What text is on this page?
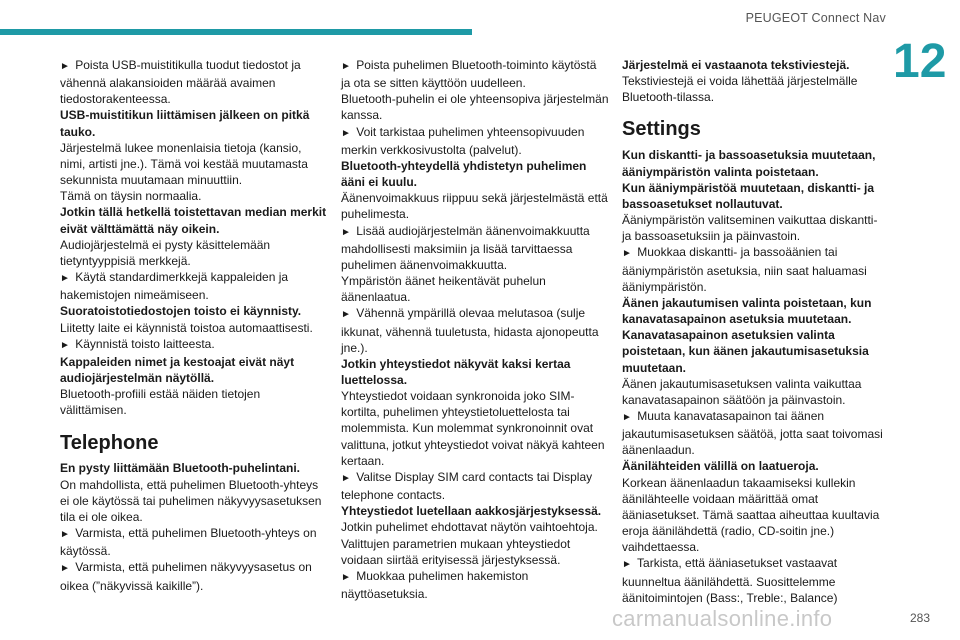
PEUGEOT Connect Nav
12

► Poista USB-muistitikulla tuodut tiedostot ja vähennä alakansioiden määrää avaimen tiedostorakenteessa.

USB-muistitikun liittämisen jälkeen on pitkä tauko.

Järjestelmä lukee monenlaisia tietoja (kansio, nimi, artisti jne.). Tämä voi kestää muutamasta sekunnista muutamaan minuuttiin.

Tämä on täysin normaalia.

Jotkin tällä hetkellä toistettavan median merkit eivät välttämättä näy oikein.

Audiojärjestelmä ei pysty käsittelemään tietyntyyppisiä merkkejä.

► Käytä standardimerkkejä kappaleiden ja hakemistojen nimeämiseen.

Suoratoistotiedostojen toisto ei käynnisty.

Liitetty laite ei käynnistä toistoa automaattisesti.

► Käynnistä toisto laitteesta.

Kappaleiden nimet ja kestoajat eivät näyt audiojärjestelmän näytöllä.

Bluetooth-profiili estää näiden tietojen välittämisen.

Telephone

En pysty liittämään Bluetooth-puhelintani.

On mahdollista, että puhelimen Bluetooth-yhteys ei ole käytössä tai puhelimen näkyvyysasetuksen tila ei ole oikea.

► Varmista, että puhelimen Bluetooth-yhteys on käytössä.

► Varmista, että puhelimen näkyvyysasetus on oikea (”näkyvissä kaikille”).

► Poista puhelimen Bluetooth-toiminto käytöstä ja ota se sitten käyttöön uudelleen.

Bluetooth-puhelin ei ole yhteensopiva järjestelmän kanssa.

► Voit tarkistaa puhelimen yhteensopivuuden merkin verkkosivustolta (palvelut).

Bluetooth-yhteydellä yhdistetyn puhelimen ääni ei kuulu.

Äänenvoimakkuus riippuu sekä järjestelmästä että puhelimesta.

► Lisää audiojärjestelmän äänenvoimakkuutta mahdollisesti maksimiin ja lisää tarvittaessa puhelimen äänenvoimakkuutta.

Ympäristön äänet heikentävät puhelun äänenlaatua.

► Vähennä ympärillä olevaa melutasoa (sulje ikkunat, vähennä tuuletusta, hidasta ajonopeutta jne.).

Jotkin yhteystiedot näkyvät kaksi kertaa luettelossa.

Yhteystiedot voidaan synkronoida joko SIM-kortilta, puhelimen yhteystietoluettelosta tai molemmista. Kun molemmat synkronoinnit ovat valittuna, jotkut yhteystiedot voivat näkyä kahteen kertaan.

► Valitse Display SIM card contacts tai Display telephone contacts.

Yhteystiedot luetellaan aakkosjärjestyksessä.

Jotkin puhelimet ehdottavat näytön vaihtoehtoja. Valittujen parametrien mukaan yhteystiedot voidaan siirtää erityisessä järjestyksessä.

► Muokkaa puhelimen hakemiston näyttöasetuksia.

Järjestelmä ei vastaanota tekstiviestejä.

Tekstiviestejä ei voida lähettää järjestelmälle Bluetooth-tilassa.

Settings

Kun diskantti- ja bassoasetuksia muutetaan, ääniympäristön valinta poistetaan.

Kun ääniympäristöä muutetaan, diskantti- ja bassoasetukset nollautuvat.

Ääniympäristön valitseminen vaikuttaa diskantti- ja bassoasetuksiin ja päinvastoin.

► Muokkaa diskantti- ja bassoäänien tai ääniympäristön asetuksia, niin saat haluamasi ääniympäristön.

Äänen jakautumisen valinta poistetaan, kun kanavatasapainon asetuksia muutetaan.

Kanavatasapainon asetuksien valinta poistetaan, kun äänen jakautumisasetuksia muutetaan.

Äänen jakautumisasetuksen valinta vaikuttaa kanavatasapainon säätöön ja päinvastoin.

► Muuta kanavatasapainon tai äänen jakautumisasetuksen säätöä, jotta saat toivomasi äänenlaadun.

Äänilähteiden välillä on laatueroja.

Korkean äänenlaadun takaamiseksi kullekin äänilähteelle voidaan määrittää omat ääniasetukset. Tämä saattaa aiheuttaa kuultavia eroja äänilähdettä (radio, CD-soitin jne.) vaihdettaessa.

► Tarkista, että ääniasetukset vastaavat kuunneltua äänilähdettä. Suosittelemme äänitoimintojen (Bass:, Treble:, Balance)

carmanualsonline.info	283
